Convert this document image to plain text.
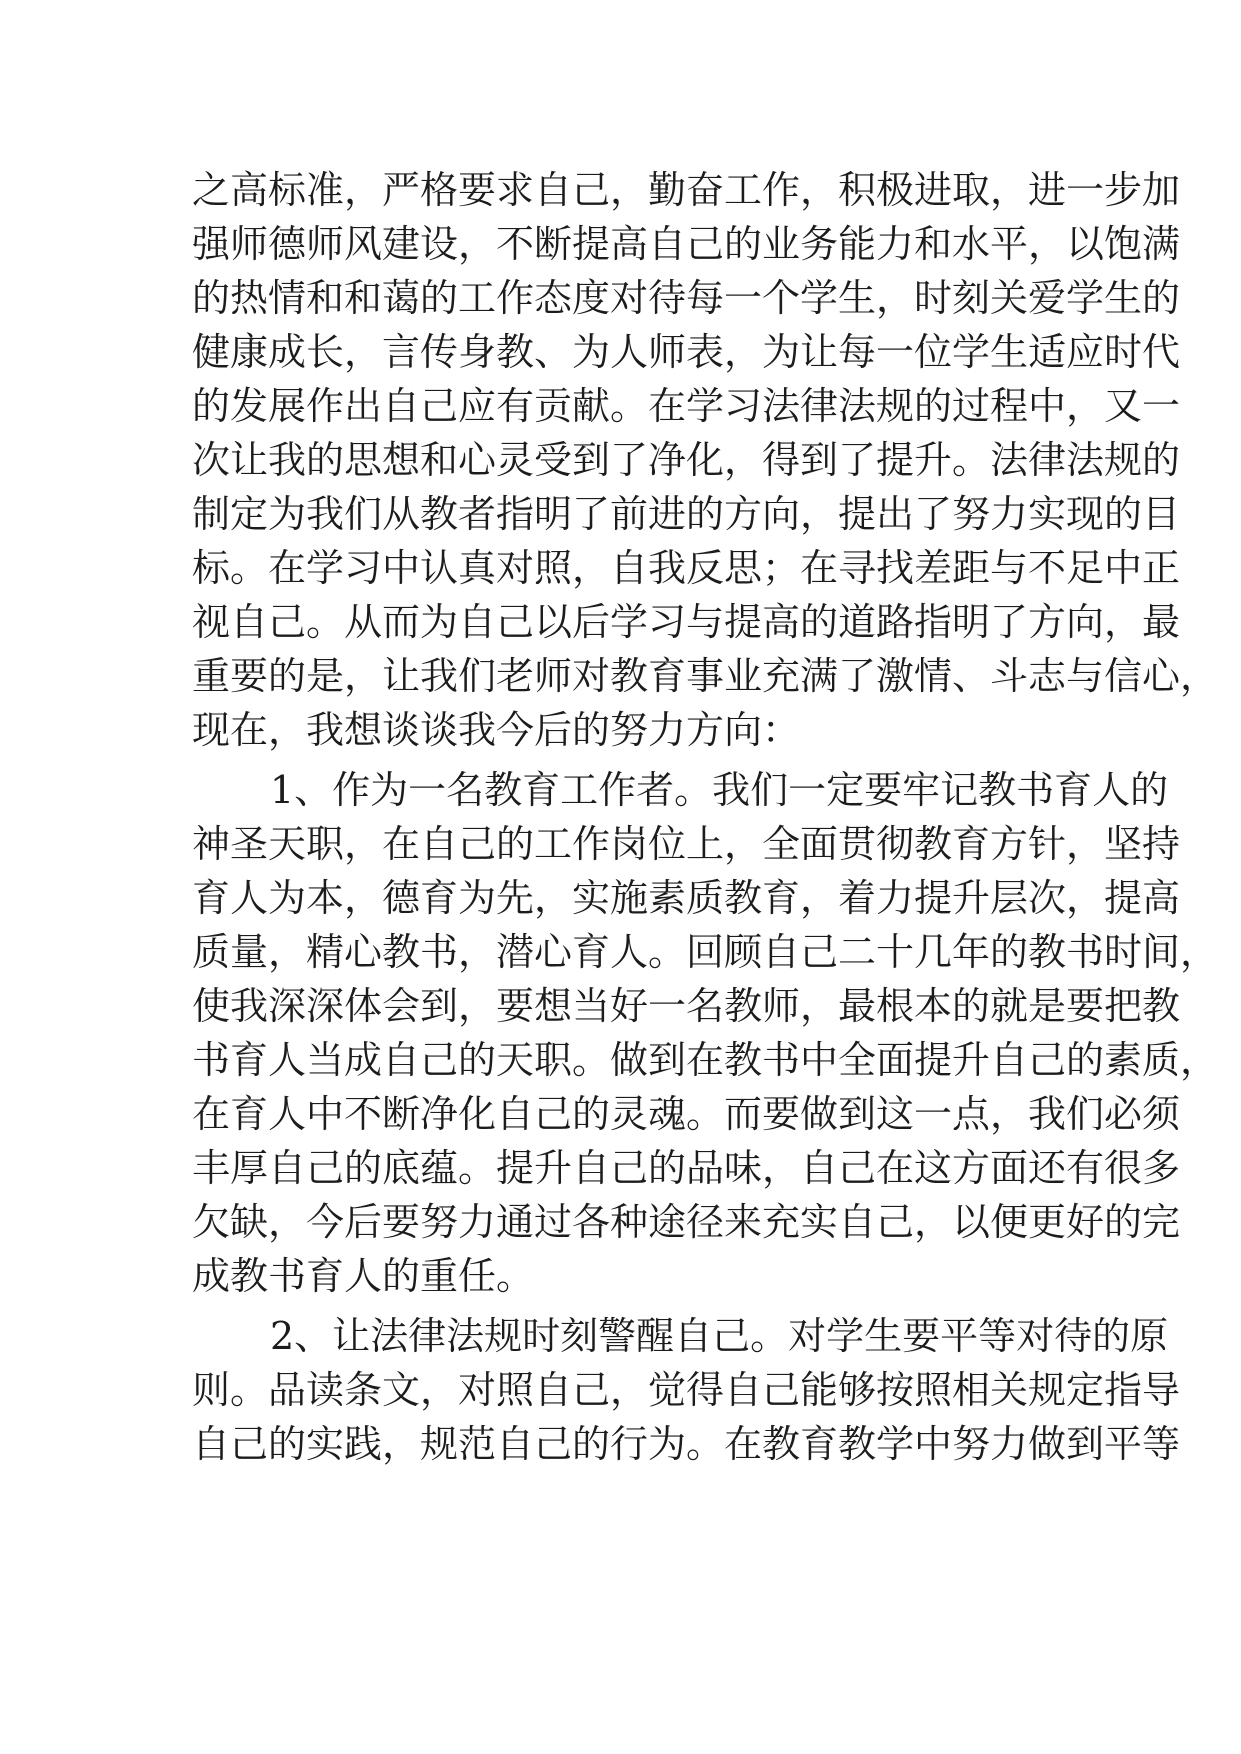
之高标准，严格要求自己，勤奋工作，积极进取，进一步加
强师德师风建设，不断提高自己的业务能力和水平，以饱满
的热情和和蔼的工作态度对待每一个学生，时刻关爱学生的
健康成长，言传身教、为人师表，为让每一位学生适应时代
的发展作出自己应有贡献。在学习法律法规的过程中，又一
次让我的思想和心灵受到了净化，得到了提升。法律法规的
制定为我们从教者指明了前进的方向，提出了努力实现的目
标。在学习中认真对照，自我反思；在寻找差距与不足中正
视自己。从而为自己以后学习与提高的道路指明了方向，最
重要的是，让我们老师对教育事业充满了激情、斗志与信心，
现在，我想谈谈我今后的努力方向：
1、作为一名教育工作者。我们一定要牢记教书育人的
神圣天职，在自己的工作岗位上，全面贯彻教育方针，坚持
育人为本，德育为先，实施素质教育，着力提升层次，提高
质量，精心教书，潜心育人。回顾自己二十几年的教书时间，
使我深深体会到，要想当好一名教师，最根本的就是要把教
书育人当成自己的天职。做到在教书中全面提升自己的素质，
在育人中不断净化自己的灵魂。而要做到这一点，我们必须
丰厚自己的底蕴。提升自己的品味，自己在这方面还有很多
欠缺，今后要努力通过各种途径来充实自己，以便更好的完
成教书育人的重任。
2、让法律法规时刻警醒自己。对学生要平等对待的原
则。品读条文，对照自己，觉得自己能够按照相关规定指导
自己的实践，规范自己的行为。在教育教学中努力做到平等
